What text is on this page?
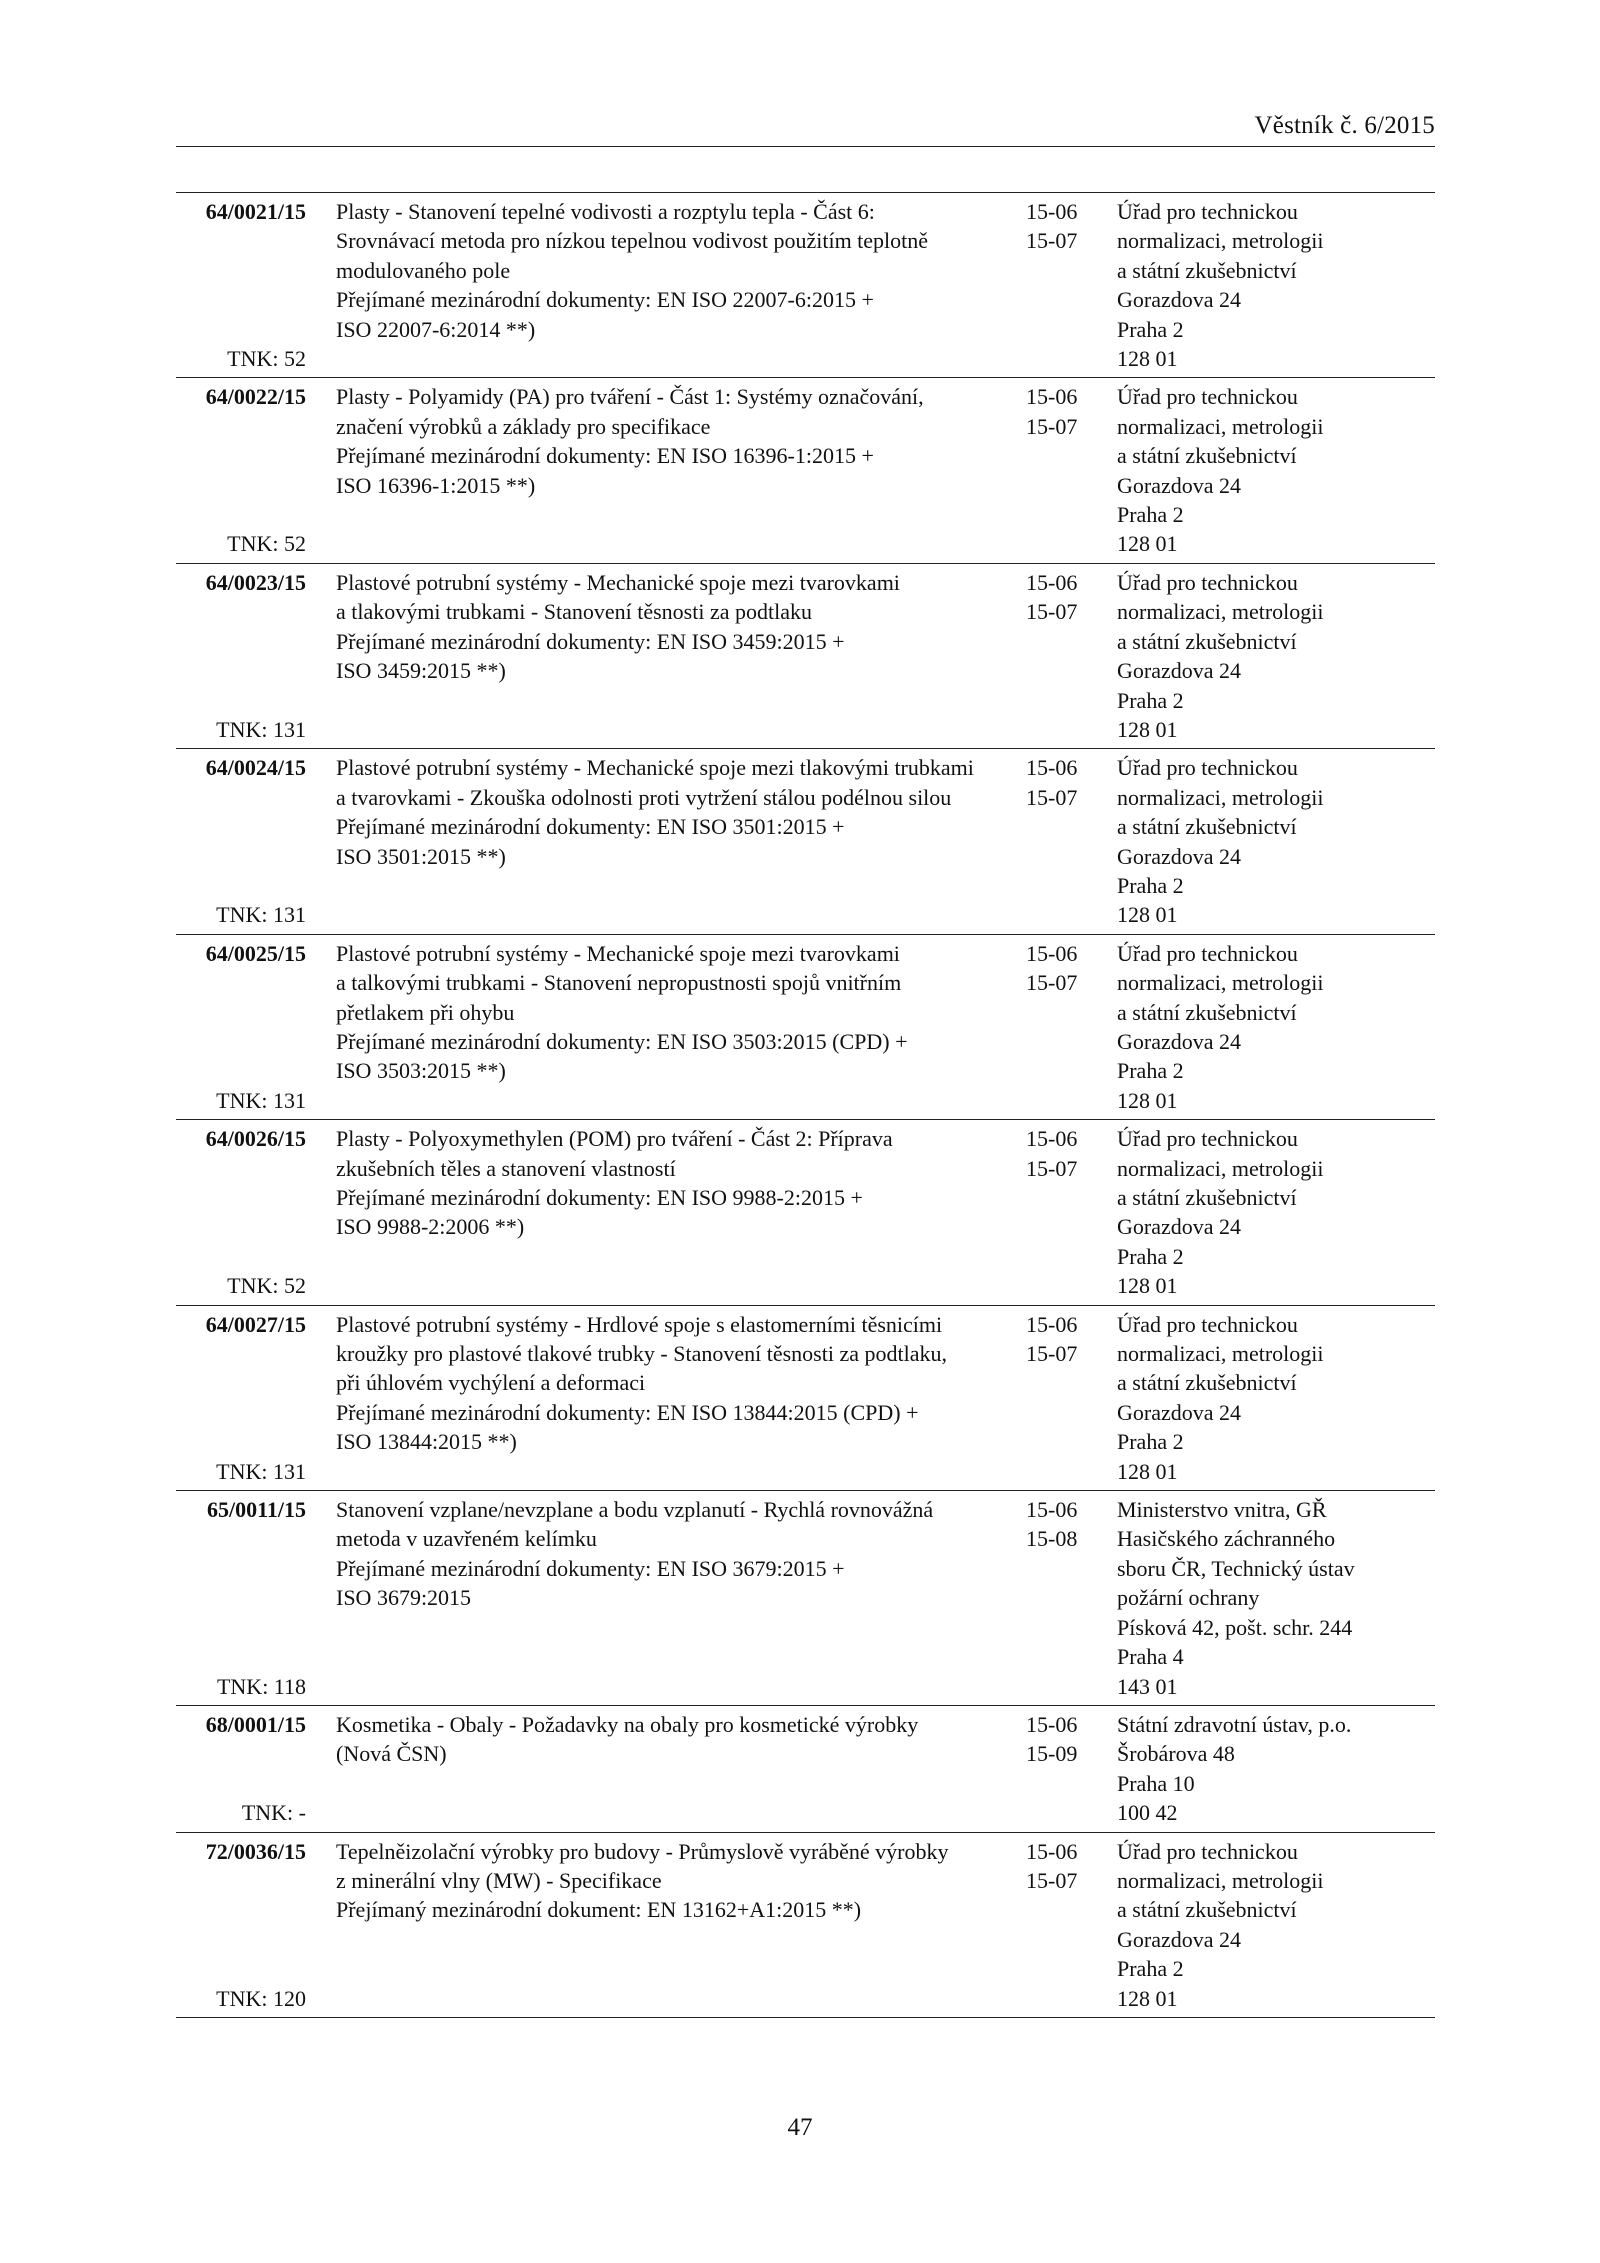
Věstník č. 6/2015
64/0021/15
TNK: 52
Plasty - Stanovení tepelné vodivosti a rozptylu tepla - Část 6:
Srovnávací metoda pro nízkou tepelnou vodivost použitím teplotně
modulovaného pole
Přejímané mezinárodní dokumenty: EN ISO 22007-6:2015 +
ISO 22007-6:2014 **)
15-06
15-07
Úřad pro technickou
normalizaci, metrologii
a státní zkušebnictví
Gorazdova 24
Praha 2
128 01
64/0022/15
TNK: 52
Plasty - Polyamidy (PA) pro tváření - Část 1: Systémy označování,
značení výrobků a základy pro specifikace
Přejímané mezinárodní dokumenty: EN ISO 16396-1:2015 +
ISO 16396-1:2015 **)
15-06
15-07
Úřad pro technickou
normalizaci, metrologii
a státní zkušebnictví
Gorazdova 24
Praha 2
128 01
64/0023/15
TNK: 131
Plastové potrubní systémy - Mechanické spoje mezi tvarovkami
a tlakovými trubkami - Stanovení těsnosti za podtlaku
Přejímané mezinárodní dokumenty: EN ISO 3459:2015 +
ISO 3459:2015 **)
15-06
15-07
Úřad pro technickou
normalizaci, metrologii
a státní zkušebnictví
Gorazdova 24
Praha 2
128 01
64/0024/15
TNK: 131
Plastové potrubní systémy - Mechanické spoje mezi tlakovými trubkami
a tvarovkami - Zkouška odolnosti proti vytržení stálou podélnou silou
Přejímané mezinárodní dokumenty: EN ISO 3501:2015 +
ISO 3501:2015 **)
15-06
15-07
Úřad pro technickou
normalizaci, metrologii
a státní zkušebnictví
Gorazdova 24
Praha 2
128 01
64/0025/15
TNK: 131
Plastové potrubní systémy - Mechanické spoje mezi tvarovkami
a talkovými trubkami - Stanovení nepropustnosti spojů vnitřním
přetlakem při ohybu
Přejímané mezinárodní dokumenty: EN ISO 3503:2015 (CPD) +
ISO 3503:2015 **)
15-06
15-07
Úřad pro technickou
normalizaci, metrologii
a státní zkušebnictví
Gorazdova 24
Praha 2
128 01
64/0026/15
TNK: 52
Plasty - Polyoxymethylen (POM) pro tváření - Část 2: Příprava
zkušebních těles a stanovení vlastností
Přejímané mezinárodní dokumenty: EN ISO 9988-2:2015 +
ISO 9988-2:2006 **)
15-06
15-07
Úřad pro technickou
normalizaci, metrologii
a státní zkušebnictví
Gorazdova 24
Praha 2
128 01
64/0027/15
TNK: 131
Plastové potrubní systémy - Hrdlové spoje s elastomerními těsnicími
kroužky pro plastové tlakové trubky - Stanovení těsnosti za podtlaku,
při úhlovém vychýlení a deformaci
Přejímané mezinárodní dokumenty: EN ISO 13844:2015 (CPD) +
ISO 13844:2015 **)
15-06
15-07
Úřad pro technickou
normalizaci, metrologii
a státní zkušebnictví
Gorazdova 24
Praha 2
128 01
65/0011/15
TNK: 118
Stanovení vzplane/nevzplane a bodu vzplanutí - Rychlá rovnovážná
metoda v uzavřeném kelímku
Přejímané mezinárodní dokumenty: EN ISO 3679:2015 +
ISO 3679:2015
15-06
15-08
Ministerstvo vnitra, GŘ
Hasičského záchranného
sboru ČR, Technický ústav
požární ochrany
Písková 42, pošt. schr. 244
Praha 4
143 01
68/0001/15
TNK: -
Kosmetika - Obaly - Požadavky na obaly pro kosmetické výrobky
(Nová ČSN)
15-06
15-09
Státní zdravotní ústav, p.o.
Šrobárova 48
Praha 10
100 42
72/0036/15
TNK: 120
Tepelněizolační výrobky pro budovy - Průmyslově vyráběné výrobky
z minerální vlny (MW) - Specifikace
Přejímaný mezinárodní dokument: EN 13162+A1:2015 **)
15-06
15-07
Úřad pro technickou
normalizaci, metrologii
a státní zkušebnictví
Gorazdova 24
Praha 2
128 01
47
